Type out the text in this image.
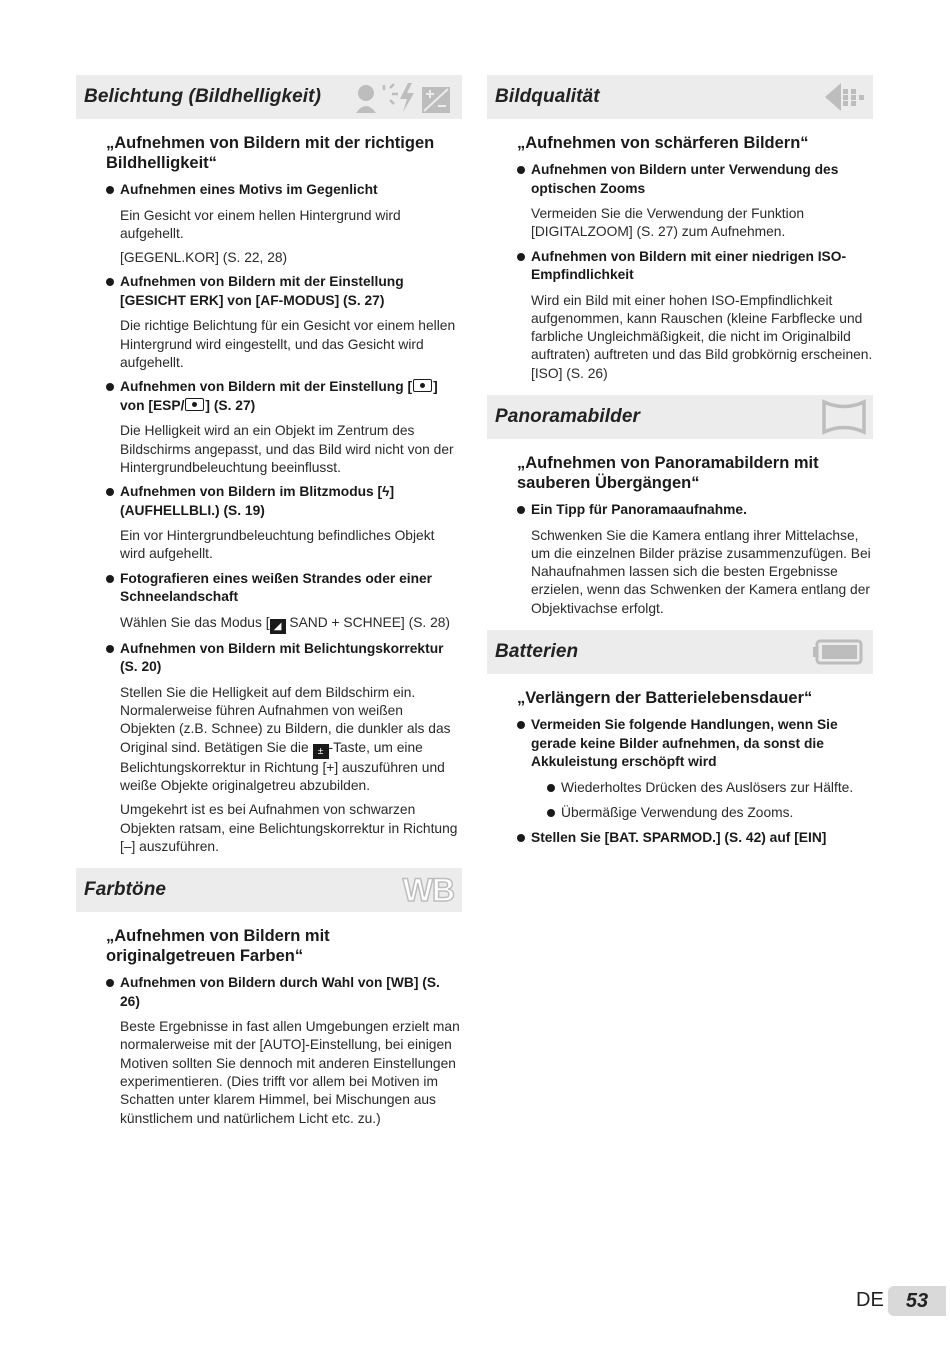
Belichtung (Bildhelligkeit)

„Aufnehmen von Bildern mit der richtigen Bildhelligkeit“

Aufnehmen eines Motivs im Gegenlicht

Ein Gesicht vor einem hellen Hintergrund wird aufgehellt.

[GEGENL.KOR] (S. 22, 28)

Aufnehmen von Bildern mit der Einstellung [GESICHT ERK] von [AF-MODUS] (S. 27)

Die richtige Belichtung für ein Gesicht vor einem hellen Hintergrund wird eingestellt, und das Gesicht wird aufgehellt.

Aufnehmen von Bildern mit der Einstellung [ ] von [ESP/ ] (S. 27)

Die Helligkeit wird an ein Objekt im Zentrum des Bildschirms angepasst, und das Bild wird nicht von der Hintergrundbeleuchtung beeinflusst.

Aufnehmen von Bildern im Blitzmodus [ϟ] (AUFHELLBLI.) (S. 19)

Ein vor Hintergrundbeleuchtung befindliches Objekt wird aufgehellt.

Fotografieren eines weißen Strandes oder einer Schneelandschaft

Wählen Sie das Modus [ ◢ SAND + SCHNEE] (S. 28)

Aufnehmen von Bildern mit Belichtungskorrektur (S. 20)

Stellen Sie die Helligkeit auf dem Bildschirm ein. Normalerweise führen Aufnahmen von weißen Objekten (z.B. Schnee) zu Bildern, die dunkler als das Original sind. Betätigen Sie die ± -Taste, um eine Belichtungskorrektur in Richtung [+] auszuführen und weiße Objekte originalgetreu abzubilden.

Umgekehrt ist es bei Aufnahmen von schwarzen Objekten ratsam, eine Belichtungskorrektur in Richtung [–] auszuführen.

Farbtöne	WB

„Aufnehmen von Bildern mit originalgetreuen Farben“

Aufnehmen von Bildern durch Wahl von [WB] (S. 26)

Beste Ergebnisse in fast allen Umgebungen erzielt man normalerweise mit der [AUTO]-Einstellung, bei einigen Motiven sollten Sie dennoch mit anderen Einstellungen experimentieren. (Dies trifft vor allem bei Motiven im Schatten unter klarem Himmel, bei Mischungen aus künstlichem und natürlichem Licht etc. zu.)

Bildqualität

„Aufnehmen von schärferen Bildern“

Aufnehmen von Bildern unter Verwendung des optischen Zooms

Vermeiden Sie die Verwendung der Funktion [DIGITALZOOM] (S. 27) zum Aufnehmen.

Aufnehmen von Bildern mit einer niedrigen ISO-Empfindlichkeit

Wird ein Bild mit einer hohen ISO-Empfindlichkeit aufgenommen, kann Rauschen (kleine Farbflecke und farbliche Ungleichmäßigkeit, die nicht im Originalbild auftraten) auftreten und das Bild grobkörnig erscheinen.

[ISO] (S. 26)

Panoramabilder

„Aufnehmen von Panoramabildern mit sauberen Übergängen“

Ein Tipp für Panoramaaufnahme.

Schwenken Sie die Kamera entlang ihrer Mittelachse, um die einzelnen Bilder präzise zusammenzufügen. Bei Nahaufnahmen lassen sich die besten Ergebnisse erzielen, wenn das Schwenken der Kamera entlang der Objektivachse erfolgt.

Batterien

„Verlängern der Batterielebensdauer“

Vermeiden Sie folgende Handlungen, wenn Sie gerade keine Bilder aufnehmen, da sonst die Akkuleistung erschöpft wird

Wiederholtes Drücken des Auslösers zur Hälfte.

Übermäßige Verwendung des Zooms.

Stellen Sie [BAT. SPARMOD.] (S. 42) auf [EIN]

DE	53
